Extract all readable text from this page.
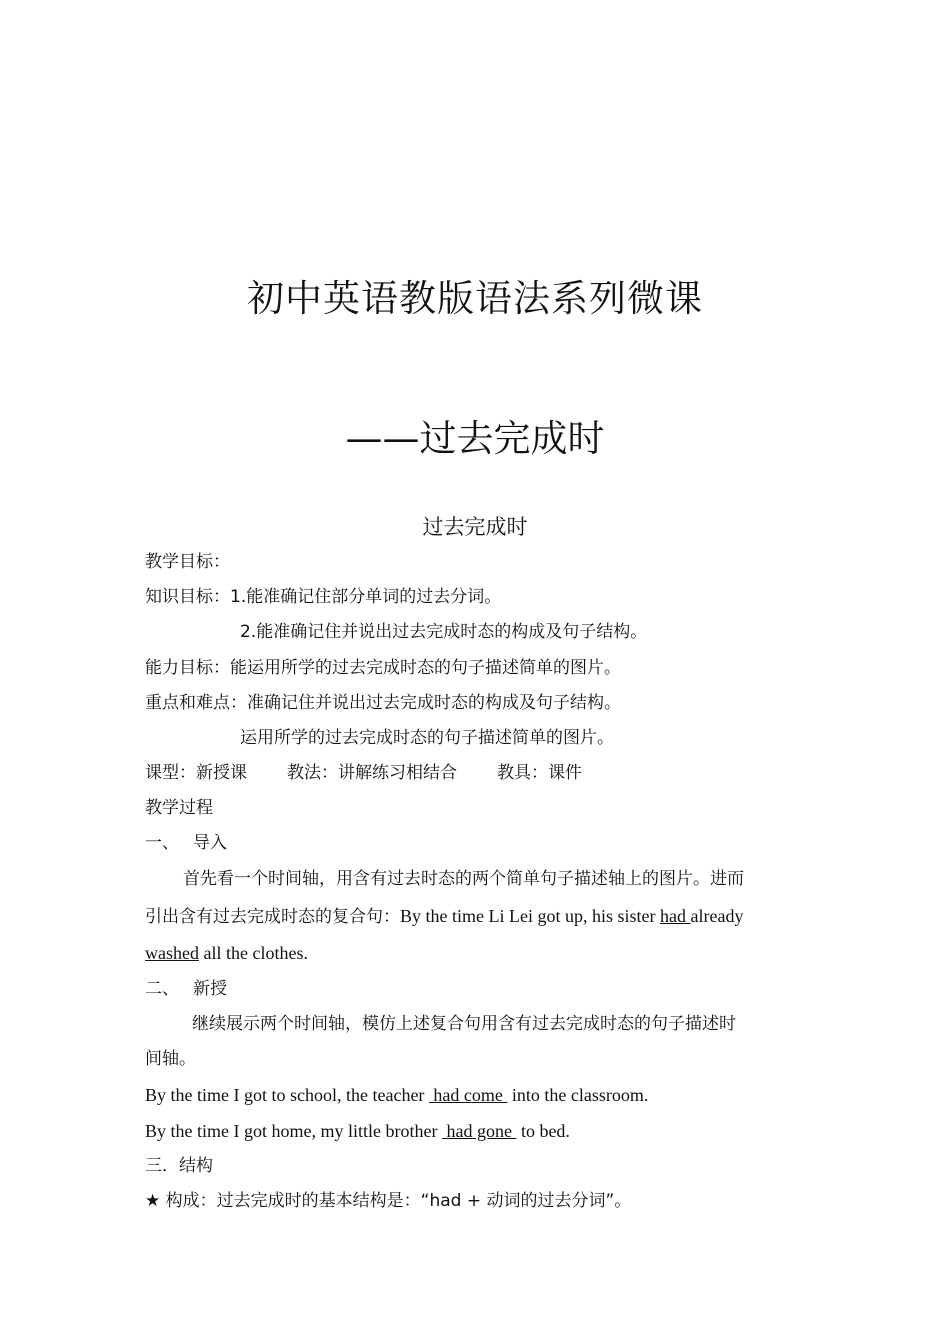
初中英语教版语法系列微课
——过去完成时
过去完成时
教学目标：
知识目标：1.能准确记住部分单词的过去分词。
2.能准确记住并说出过去完成时态的构成及句子结构。
能力目标：能运用所学的过去完成时态的句子描述简单的图片。
重点和难点：准确记住并说出过去完成时态的构成及句子结构。
运用所学的过去完成时态的句子描述简单的图片。
课型：新授课 教法：讲解练习相结合 教具：课件
教学过程
一、 导入
首先看一个时间轴，用含有过去时态的两个简单句子描述轴上的图片。进而
引出含有过去完成时态的复合句：By the time Li Lei got up, his sister had already
washed all the clothes.
二、 新授
继续展示两个时间轴，模仿上述复合句用含有过去完成时态的句子描述时
间轴。
By the time I got to school, the teacher  had come  into the classroom.
By the time I got home, my little brother  had gone  to bed.
三．结构
★ 构成：过去完成时的基本结构是：“had + 动词的过去分词”。
